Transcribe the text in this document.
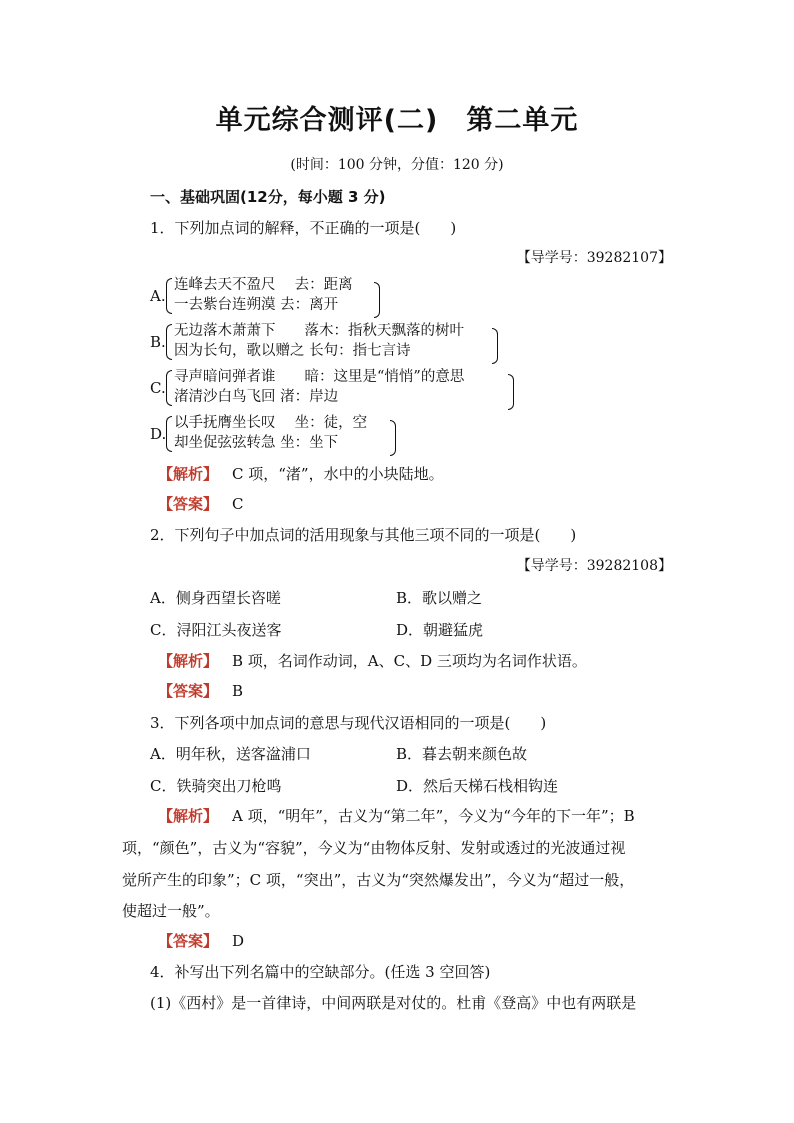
单元综合测评(二)　第二单元
(时间：100 分钟，分值：120 分)
一、基础巩固(12分，每小题 3 分)
1．下列加点词的解释，不正确的一项是(　　)
【导学号：39282107】
A.
连峰去天不盈尺　 去：距离
一去紫台连朔漠 去：离开
B.
无边落木萧萧下　　落木：指秋天飘落的树叶
因为长句，歌以赠之 长句：指七言诗
C.
寻声暗问弹者谁　　暗：这里是“悄悄”的意思
渚清沙白鸟飞回 渚：岸边
D.
以手抚膺坐长叹　 坐：徒，空
却坐促弦弦转急 坐：坐下
【解析】 C 项，“渚”，水中的小块陆地。
【答案】 C
2．下列句子中加点词的活用现象与其他三项不同的一项是(　　)
【导学号：39282108】
A．侧身西望长咨嗟	B．歌以赠之
C．浔阳江头夜送客	D．朝避猛虎
【解析】 B 项，名词作动词，A、C、D 三项均为名词作状语。
【答案】 B
3．下列各项中加点词的意思与现代汉语相同的一项是(　　)
A．明年秋，送客湓浦口	B．暮去朝来颜色故
C．铁骑突出刀枪鸣	D．然后天梯石栈相钩连
【解析】 A 项，“明年”，古义为“第二年”，今义为“今年的下一年”；B
项，“颜色”，古义为“容貌”，今义为“由物体反射、发射或透过的光波通过视
觉所产生的印象”；C 项，“突出”，古义为“突然爆发出”，今义为“超过一般，
使超过一般”。
【答案】 D
4．补写出下列名篇中的空缺部分。(任选 3 空回答)
(1)《西村》是一首律诗，中间两联是对仗的。杜甫《登高》中也有两联是
